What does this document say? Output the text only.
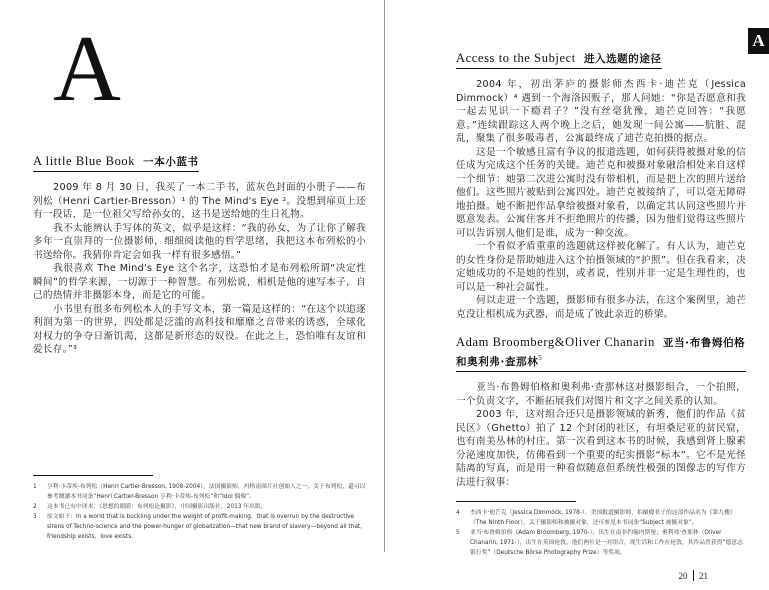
A
A little Blue Book 一本小蓝书

2009 年 8 月 30 日，我买了一本二手书，蓝灰色封面的小册子——布列松（Henri Cartier-Bresson）¹ 的 The Mind's Eye ²。没想到扉页上还有一段话，是一位祖父写给孙女的，这书是送给她的生日礼物。

我不太能辨认手写体的英文，似乎是这样：“我的孙女，为了让你了解我多年一直崇拜的一位摄影师，细细阅读他的哲学思绪，我把这本布列松的小书送给你。我猜你肯定会如我一样有很多感悟。”

我很喜欢 The Mind's Eye 这个名字，这恐怕才是布列松所谓“决定性瞬间”的哲学来源，一切源于一种智慧。布列松说，相机是他的速写本子，自己的热情并非摄影本身，而是它的可能。

小书里有很多布列松本人的手写文本，第一篇是这样的：“在这个以追逐利润为第一的世界，四处都是泛滥的高科技和靡靡之音带来的诱惑，全球化对权力的争夺日渐饥渴，这都是新形态的奴役。在此之上，恐怕唯有友谊和爱长存。”³

1	亨利·卡蒂埃-布列松（Henri Cartier-Bresson, 1908-2004），法国摄影师，玛格南图片社创始人之一。关于布列松，還可以參考閱讀本书词条“Henri Cartier-Bresson 亨利·卡蒂埃-布列松”和“Idol 偶像”。
2	这本书已有中译本，《思想的眼睛：布列松论摄影》，中国摄影出版社，2013 年出版。
3	原文如下：In a world that is buckling under the weight of profit-making，that is overrun by the destructive sirens of Techno-science and the power-hunger of globalization—that new brand of slavery—beyond all that，friendship exists，love exists.
A
Access to the Subject 进入选题的途径

2004 年，初出茅庐的摄影师杰西卡·迪芒克（Jessica Dimmock）⁴ 遇到一个海洛因贩子，那人问她：“你是否愿意和我一起去见识一下瘾君子？”没有丝毫犹豫，迪芒克回答：“我愿意。”连续跟踪这人两个晚上之后，她发现一间公寓——肮脏、混乱，聚集了很多吸毒者，公寓最终成了迪芒克拍摄的据点。

这是一个敏感且富有争议的报道选题，如何获得被摄对象的信任成为完成这个任务的关键。迪芒克和被摄对象融洽相处来自这样一个细节：她第二次进公寓时没有带相机，而是把上次的照片送给他们。这些照片被贴到公寓四处。迪芒克被接纳了，可以毫无障碍地拍摄。她不断把作品拿给被摄对象看，以确定其认同这些照片并愿意发表。公寓住客并不拒绝照片的传播，因为他们觉得这些照片可以告诉别人他们是谁，成为一种交流。

一个看似矛盾重重的选题就这样被化解了。有人认为，迪芒克的女性身份是帮助她进入这个拍摄领域的“护照”。但在我看来，决定她成功的不是她的性别，或者说，性别并非一定是生理性的，也可以是一种社会属性。

何以走进一个选题，摄影师有很多办法，在这个案例里，迪芒克没让相机成为武器，而是成了彼此亲近的桥梁。

Adam Broomberg&Oliver Chanarin 亚当·布鲁姆伯格和奥利弗·查那林$^5$

亚当·布鲁姆伯格和奥利弗·查那林这对摄影组合，一个拍照，一个负责文字，不断拓展我们对图片和文字之间关系的认知。

2003 年，这对组合还只是摄影领域的新秀，他们的作品《贫民区》（Ghetto）拍了 12 个封闭的社区，有坦桑尼亚的贫民窟，也有南美丛林的村庄。第一次看到这本书的时候，我感到肾上腺素分泌速度加快，仿佛看到一个重要的纪实摄影“标本”。它不是光怪陆离的写真，而是用一种看似随意但系统性极强的图像志的写作方法进行叙事：

4	杰西卡·迪芒克（Jessica Dimmock, 1978-），美国报道摄影师，拍摄瘾君子的这部作品名为《第九楼》（The Ninth Floor），关于摄影师和被摄对象，还可参见本书词条“Subject 被摄对象”。
5	亚当·布鲁姆伯格（Adam Broomberg, 1970-），出生在南非约翰内斯堡；奥利弗·查那林（Oliver Chanarin, 1971-），出生在英国伦敦。他们两位是一对组合，现生活和工作在伦敦，其作品曾获得“德意志银行奖”（Deutsche Börse Photography Prize）等奖项。
20 21
